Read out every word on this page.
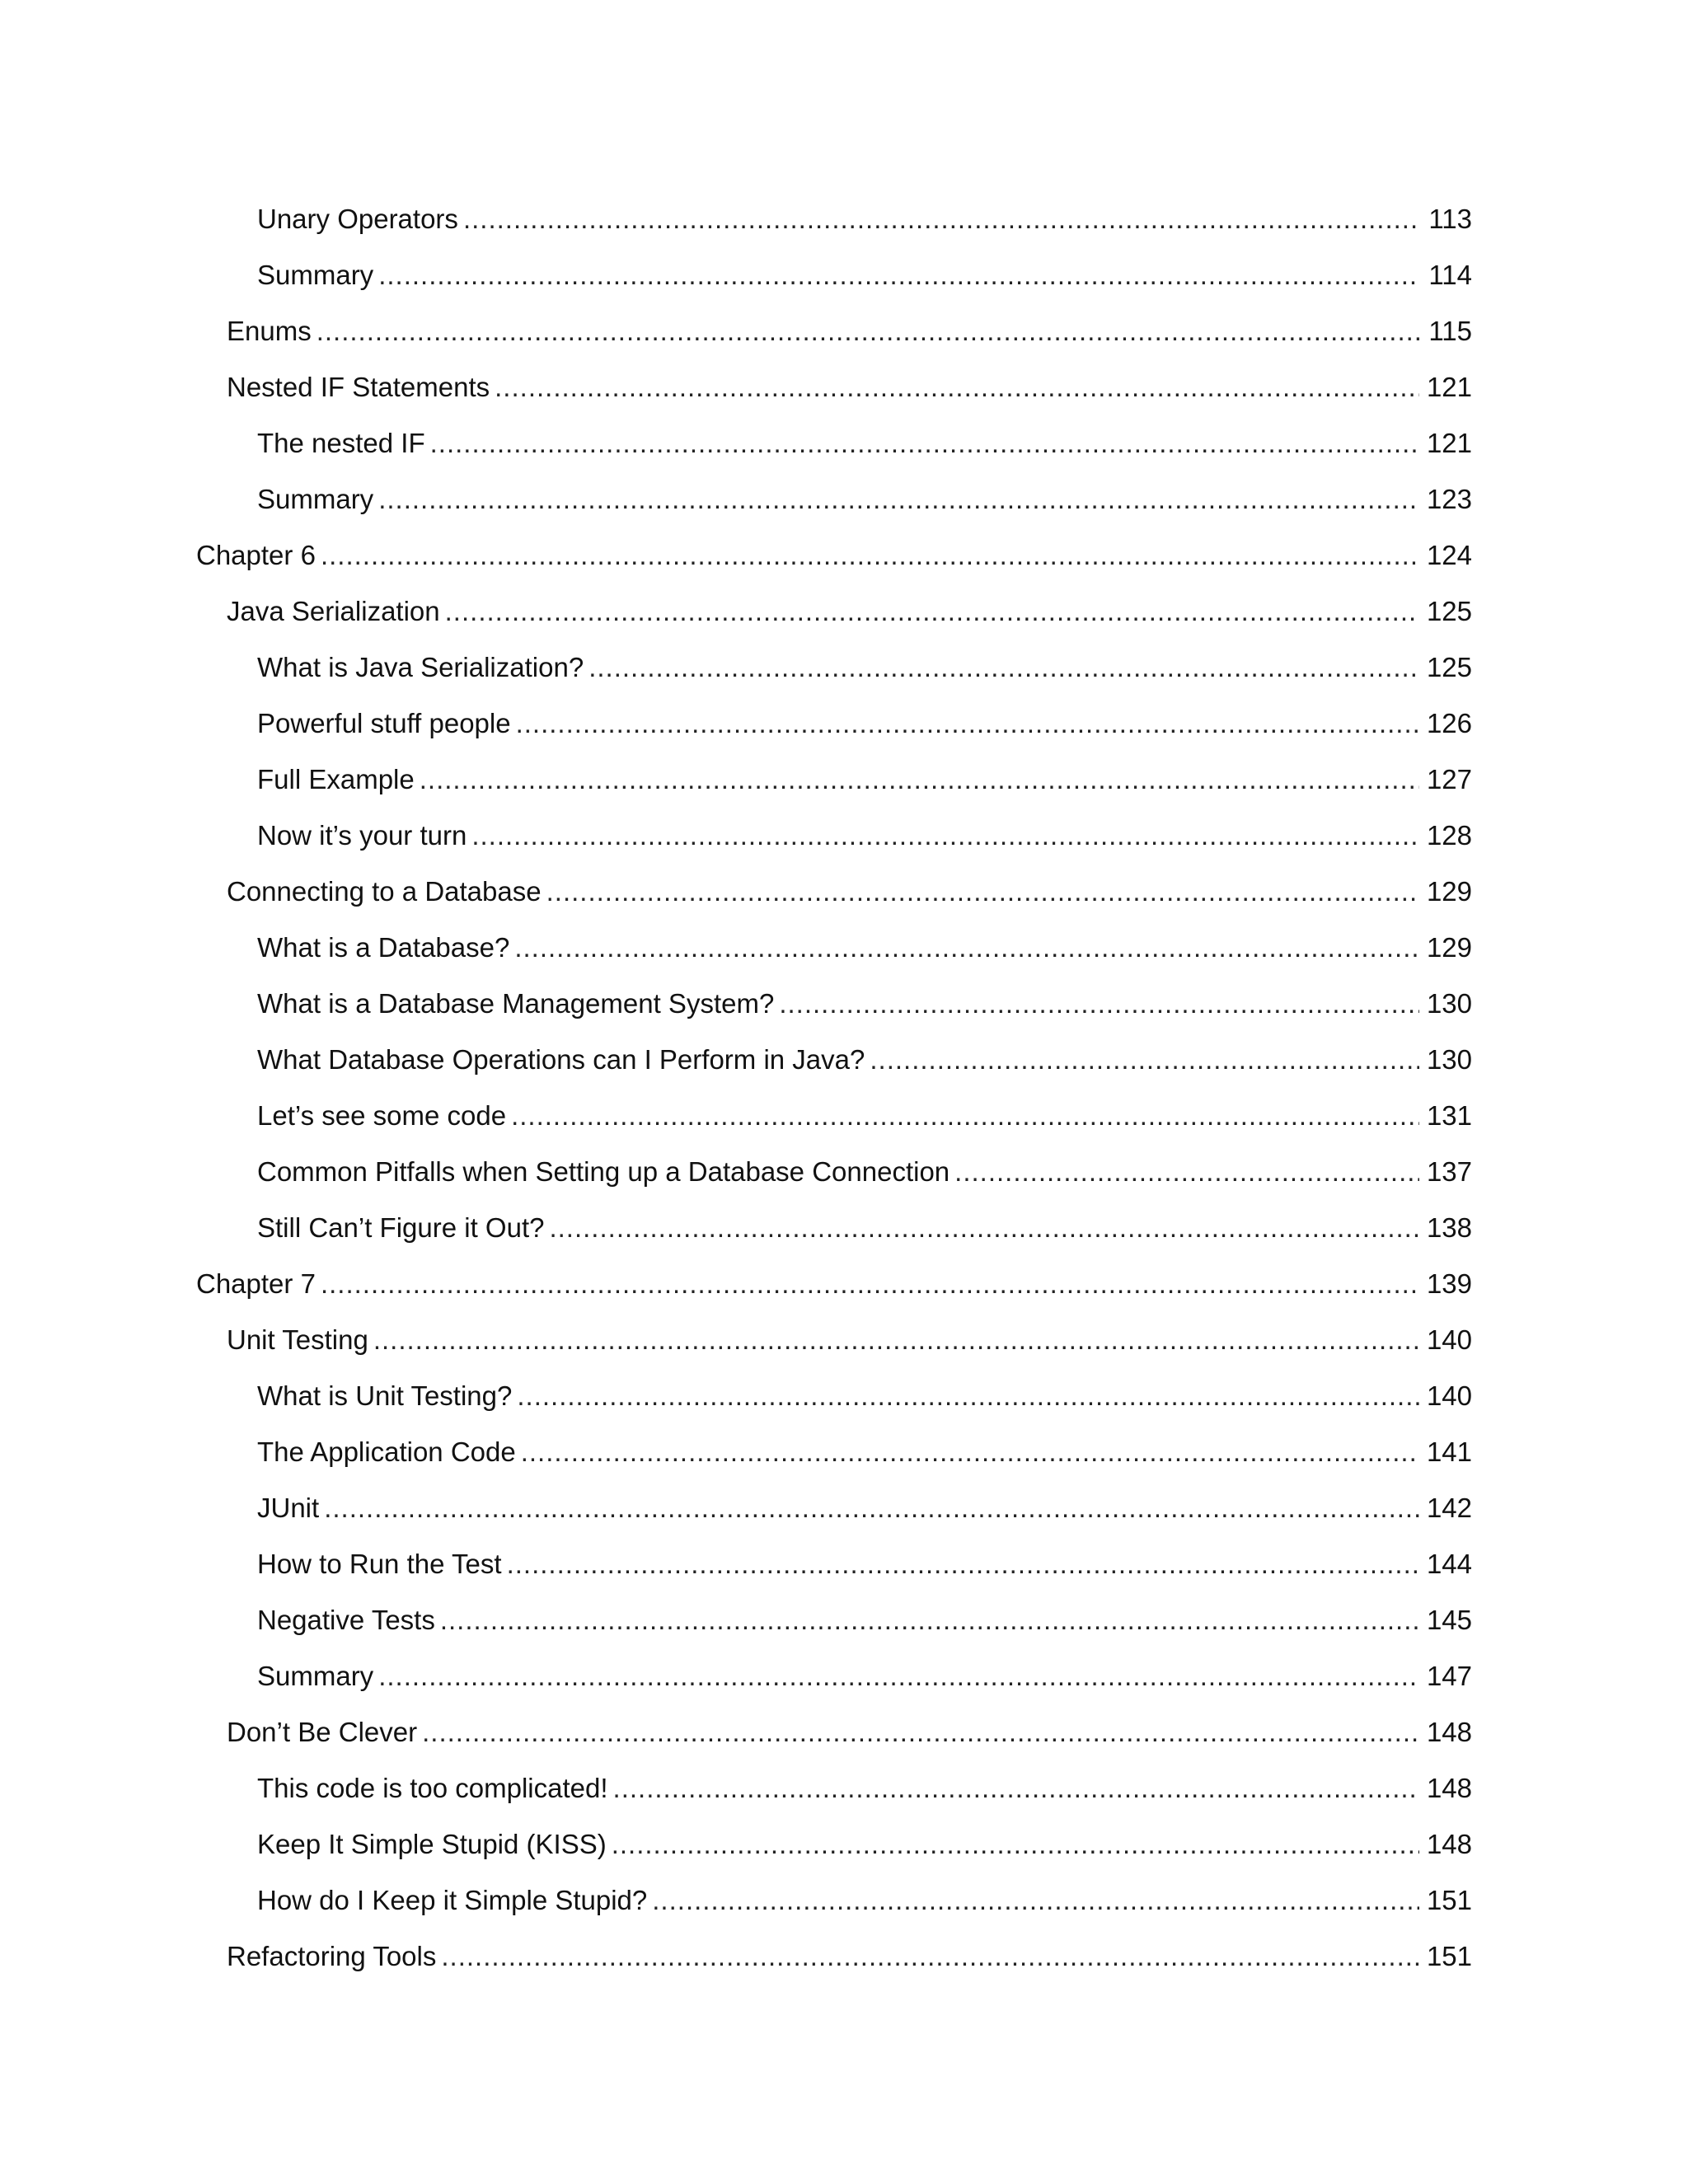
Unary Operators .....	113
Summary .....	114
Enums .....	115
Nested IF Statements .....	121
The nested IF .....	121
Summary .....	123
Chapter 6 .....	124
Java Serialization .....	125
What is Java Serialization? .....	125
Powerful stuff people .....	126
Full Example .....	127
Now it’s your turn .....	128
Connecting to a Database .....	129
What is a Database? .....	129
What is a Database Management System? .....	130
What Database Operations can I Perform in Java? .....	130
Let’s see some code .....	131
Common Pitfalls when Setting up a Database Connection .....	137
Still Can’t Figure it Out? .....	138
Chapter 7 .....	139
Unit Testing .....	140
What is Unit Testing? .....	140
The Application Code .....	141
JUnit .....	142
How to Run the Test .....	144
Negative Tests .....	145
Summary .....	147
Don’t Be Clever .....	148
This code is too complicated! .....	148
Keep It Simple Stupid (KISS) .....	148
How do I Keep it Simple Stupid? .....	151
Refactoring Tools .....	151
